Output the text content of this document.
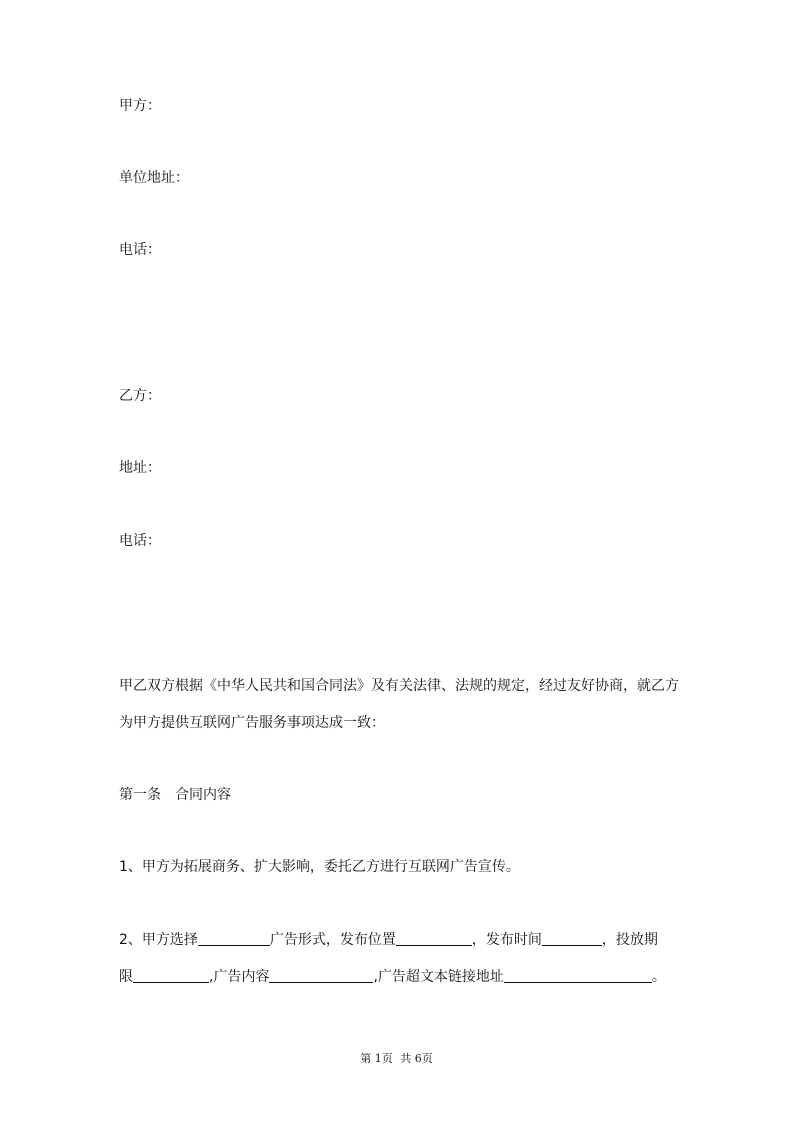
甲方：
单位地址：
电话：
乙方：
地址：
电话：
甲乙双方根据《中华人民共和国合同法》及有关法律、法规的规定，经过友好协商，就乙方
为甲方提供互联网广告服务事项达成一致：
第一条　合同内容
1、甲方为拓展商务、扩大影响，委托乙方进行互联网广告宣传。
2、甲方选择	广告形式，发布位置	，发布时间	，投放期
限	,广告内容	,广告超文本链接地址	。
第 1页 共 6页
